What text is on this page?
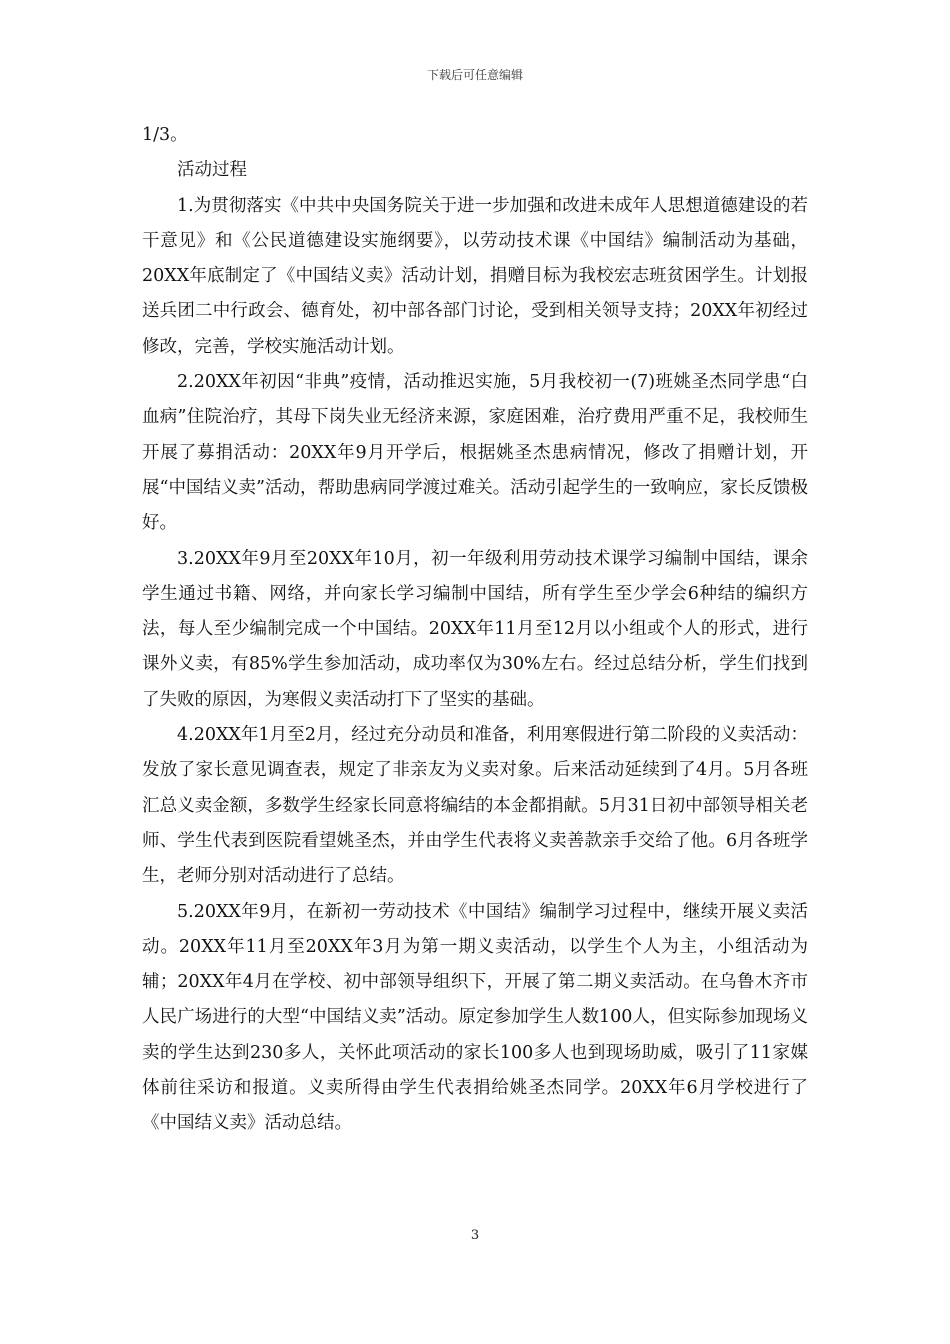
下载后可任意编辑

1/3。

活动过程

1.为贯彻落实《中共中央国务院关于进一步加强和改进未成年人思想道德建设的若干意见》和《公民道德建设实施纲要》，以劳动技术课《中国结》编制活动为基础，20XX年底制定了《中国结义卖》活动计划，捐赠目标为我校宏志班贫困学生。计划报送兵团二中行政会、德育处，初中部各部门讨论，受到相关领导支持；20XX年初经过修改，完善，学校实施活动计划。

2.20XX年初因“非典”疫情，活动推迟实施，5月我校初一(7)班姚圣杰同学患“白血病”住院治疗，其母下岗失业无经济来源，家庭困难，治疗费用严重不足，我校师生开展了募捐活动：20XX年9月开学后，根据姚圣杰患病情况，修改了捐赠计划，开展“中国结义卖”活动，帮助患病同学渡过难关。活动引起学生的一致响应，家长反馈极好。

3.20XX年9月至20XX年10月，初一年级利用劳动技术课学习编制中国结，课余学生通过书籍、网络，并向家长学习编制中国结，所有学生至少学会6种结的编织方法，每人至少编制完成一个中国结。20XX年11月至12月以小组或个人的形式，进行课外义卖，有85%学生参加活动，成功率仅为30%左右。经过总结分析，学生们找到了失败的原因，为寒假义卖活动打下了坚实的基础。

4.20XX年1月至2月，经过充分动员和准备，利用寒假进行第二阶段的义卖活动：发放了家长意见调查表，规定了非亲友为义卖对象。后来活动延续到了4月。5月各班汇总义卖金额，多数学生经家长同意将编结的本金都捐献。5月31日初中部领导相关老师、学生代表到医院看望姚圣杰，并由学生代表将义卖善款亲手交给了他。6月各班学生，老师分别对活动进行了总结。

5.20XX年9月，在新初一劳动技术《中国结》编制学习过程中，继续开展义卖活动。20XX年11月至20XX年3月为第一期义卖活动，以学生个人为主，小组活动为辅；20XX年4月在学校、初中部领导组织下，开展了第二期义卖活动。在乌鲁木齐市人民广场进行的大型“中国结义卖”活动。原定参加学生人数100人，但实际参加现场义卖的学生达到230多人，关怀此项活动的家长100多人也到现场助威，吸引了11家媒体前往采访和报道。义卖所得由学生代表捐给姚圣杰同学。20XX年6月学校进行了《中国结义卖》活动总结。

3
